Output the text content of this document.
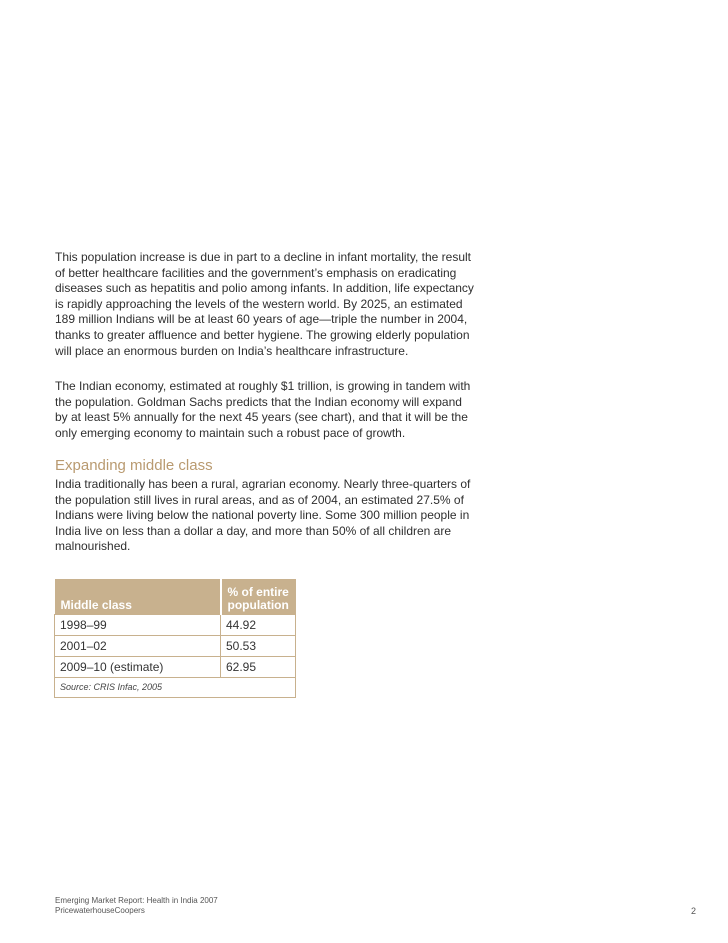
This population increase is due in part to a decline in infant mortality, the result of better healthcare facilities and the government’s emphasis on eradicating diseases such as hepatitis and polio among infants. In addition, life expectancy is rapidly approaching the levels of the western world. By 2025, an estimated 189 million Indians will be at least 60 years of age—triple the number in 2004, thanks to greater affluence and better hygiene. The growing elderly population will place an enormous burden on India’s healthcare infrastructure.

The Indian economy, estimated at roughly $1 trillion, is growing in tandem with the population. Goldman Sachs predicts that the Indian economy will expand by at least 5% annually for the next 45 years (see chart), and that it will be the only emerging economy to maintain such a robust pace of growth.

Expanding middle class

India traditionally has been a rural, agrarian economy. Nearly three-quarters of the population still lives in rural areas, and as of 2004, an estimated 27.5% of Indians were living below the national poverty line. Some 300 million people in India live on less than a dollar a day, and more than 50% of all children are malnourished.

Middle class	% of entire population
1998–99	44.92
2001–02	50.53
2009–10 (estimate)	62.95
Source: CRIS Infac, 2005	
Emerging Market Report: Health in India 2007
PricewaterhouseCoopers	2
